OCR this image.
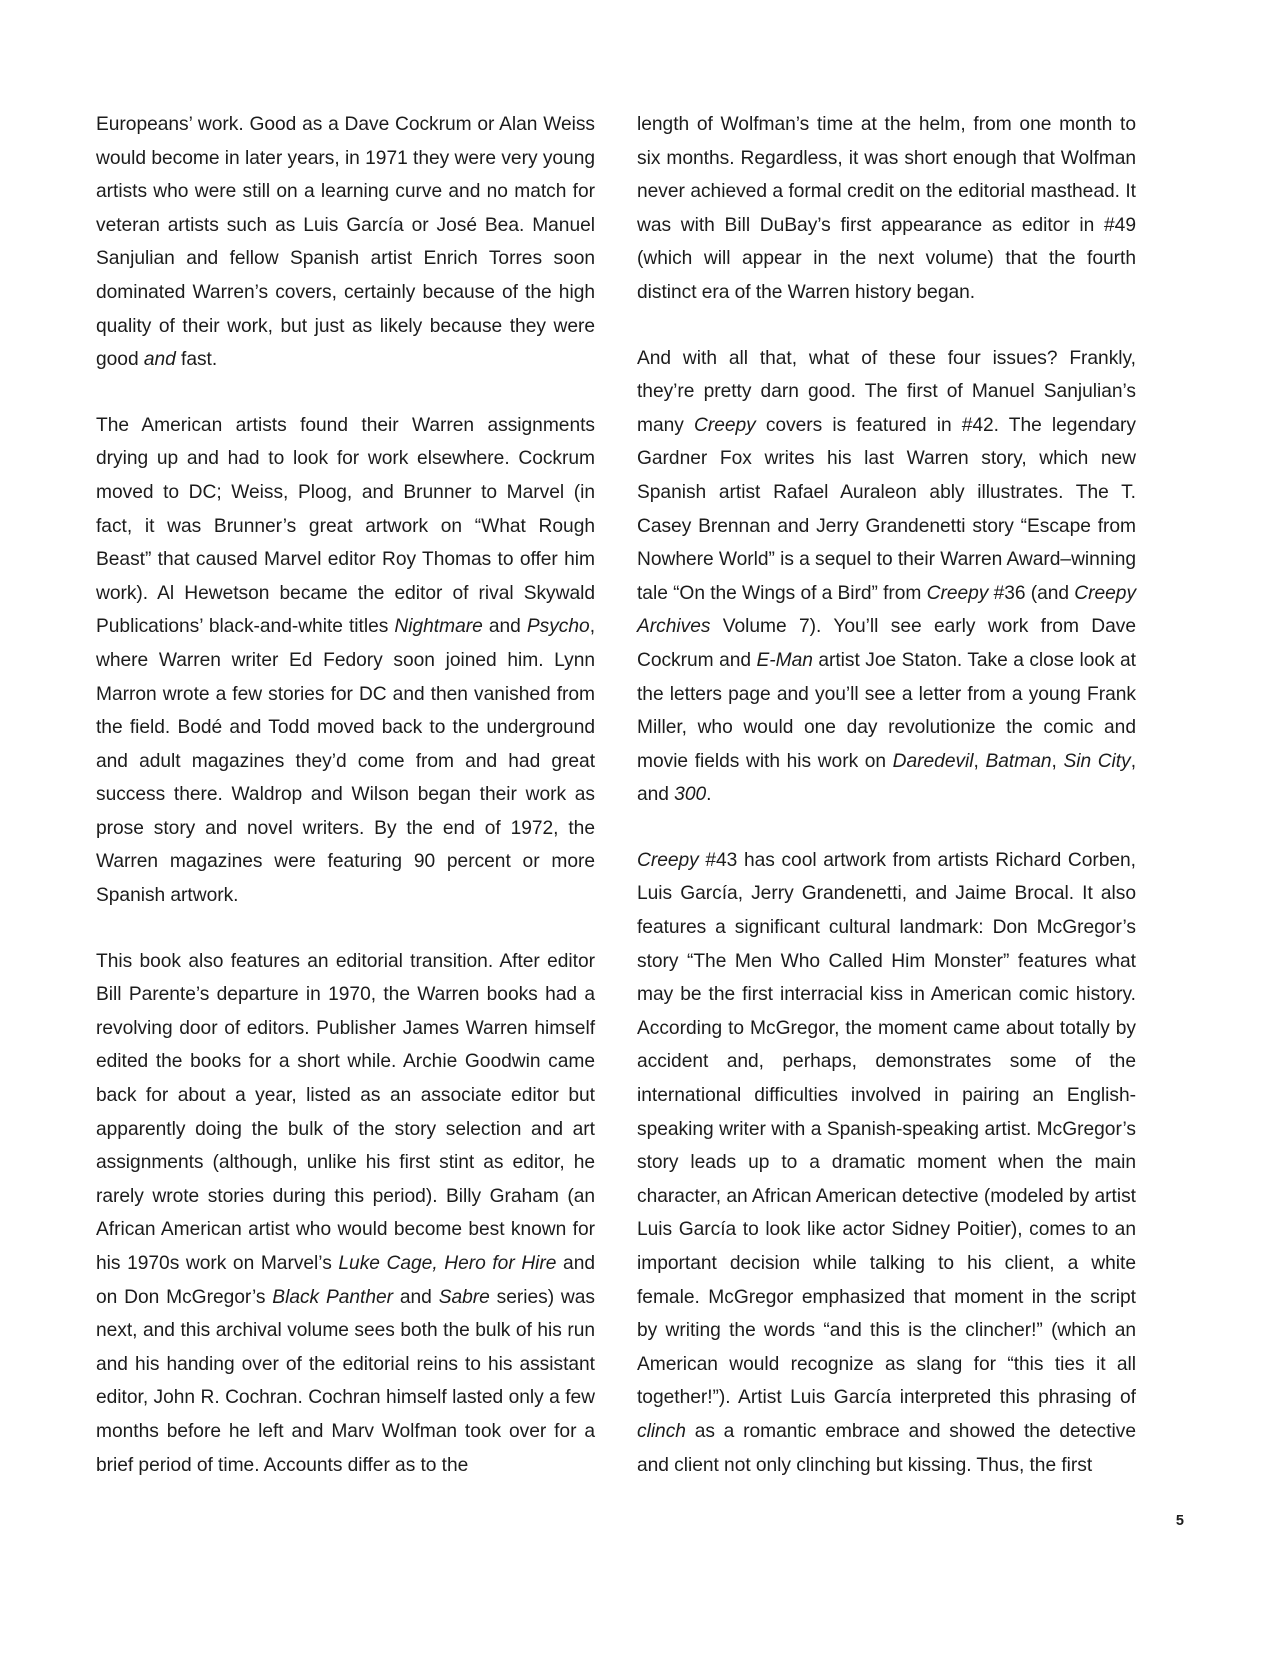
Europeans’ work. Good as a Dave Cockrum or Alan Weiss would become in later years, in 1971 they were very young artists who were still on a learning curve and no match for veteran artists such as Luis García or José Bea. Manuel Sanjulian and fellow Spanish artist Enrich Torres soon dominated Warren’s covers, certainly because of the high quality of their work, but just as likely because they were good and fast.

The American artists found their Warren assignments drying up and had to look for work elsewhere. Cockrum moved to DC; Weiss, Ploog, and Brunner to Marvel (in fact, it was Brunner’s great artwork on “What Rough Beast” that caused Marvel editor Roy Thomas to offer him work). Al Hewetson became the editor of rival Skywald Publications’ black-and-white titles Nightmare and Psycho, where Warren writer Ed Fedory soon joined him. Lynn Marron wrote a few stories for DC and then vanished from the field. Bodé and Todd moved back to the underground and adult magazines they’d come from and had great success there. Waldrop and Wilson began their work as prose story and novel writers. By the end of 1972, the Warren magazines were featuring 90 percent or more Spanish artwork.

This book also features an editorial transition. After editor Bill Parente’s departure in 1970, the Warren books had a revolving door of editors. Publisher James Warren himself edited the books for a short while. Archie Goodwin came back for about a year, listed as an associate editor but apparently doing the bulk of the story selection and art assignments (although, unlike his first stint as editor, he rarely wrote stories during this period). Billy Graham (an African American artist who would become best known for his 1970s work on Marvel’s Luke Cage, Hero for Hire and on Don McGregor’s Black Panther and Sabre series) was next, and this archival volume sees both the bulk of his run and his handing over of the editorial reins to his assistant editor, John R. Cochran. Cochran himself lasted only a few months before he left and Marv Wolfman took over for a brief period of time. Accounts differ as to the

length of Wolfman’s time at the helm, from one month to six months. Regardless, it was short enough that Wolfman never achieved a formal credit on the editorial masthead. It was with Bill DuBay’s first appearance as editor in #49 (which will appear in the next volume) that the fourth distinct era of the Warren history began.

And with all that, what of these four issues? Frankly, they’re pretty darn good. The first of Manuel Sanjulian’s many Creepy covers is featured in #42. The legendary Gardner Fox writes his last Warren story, which new Spanish artist Rafael Auraleon ably illustrates. The T. Casey Brennan and Jerry Grandenetti story “Escape from Nowhere World” is a sequel to their Warren Award–winning tale “On the Wings of a Bird” from Creepy #36 (and Creepy Archives Volume 7). You’ll see early work from Dave Cockrum and E-Man artist Joe Staton. Take a close look at the letters page and you’ll see a letter from a young Frank Miller, who would one day revolutionize the comic and movie fields with his work on Daredevil, Batman, Sin City, and 300.

Creepy #43 has cool artwork from artists Richard Corben, Luis García, Jerry Grandenetti, and Jaime Brocal. It also features a significant cultural landmark: Don McGregor’s story “The Men Who Called Him Monster” features what may be the first interracial kiss in American comic history. According to McGregor, the moment came about totally by accident and, perhaps, demonstrates some of the international difficulties involved in pairing an English-speaking writer with a Spanish-speaking artist. McGregor’s story leads up to a dramatic moment when the main character, an African American detective (modeled by artist Luis García to look like actor Sidney Poitier), comes to an important decision while talking to his client, a white female. McGregor emphasized that moment in the script by writing the words “and this is the clincher!” (which an American would recognize as slang for “this ties it all together!”). Artist Luis García interpreted this phrasing of clinch as a romantic embrace and showed the detective and client not only clinching but kissing. Thus, the first

5
